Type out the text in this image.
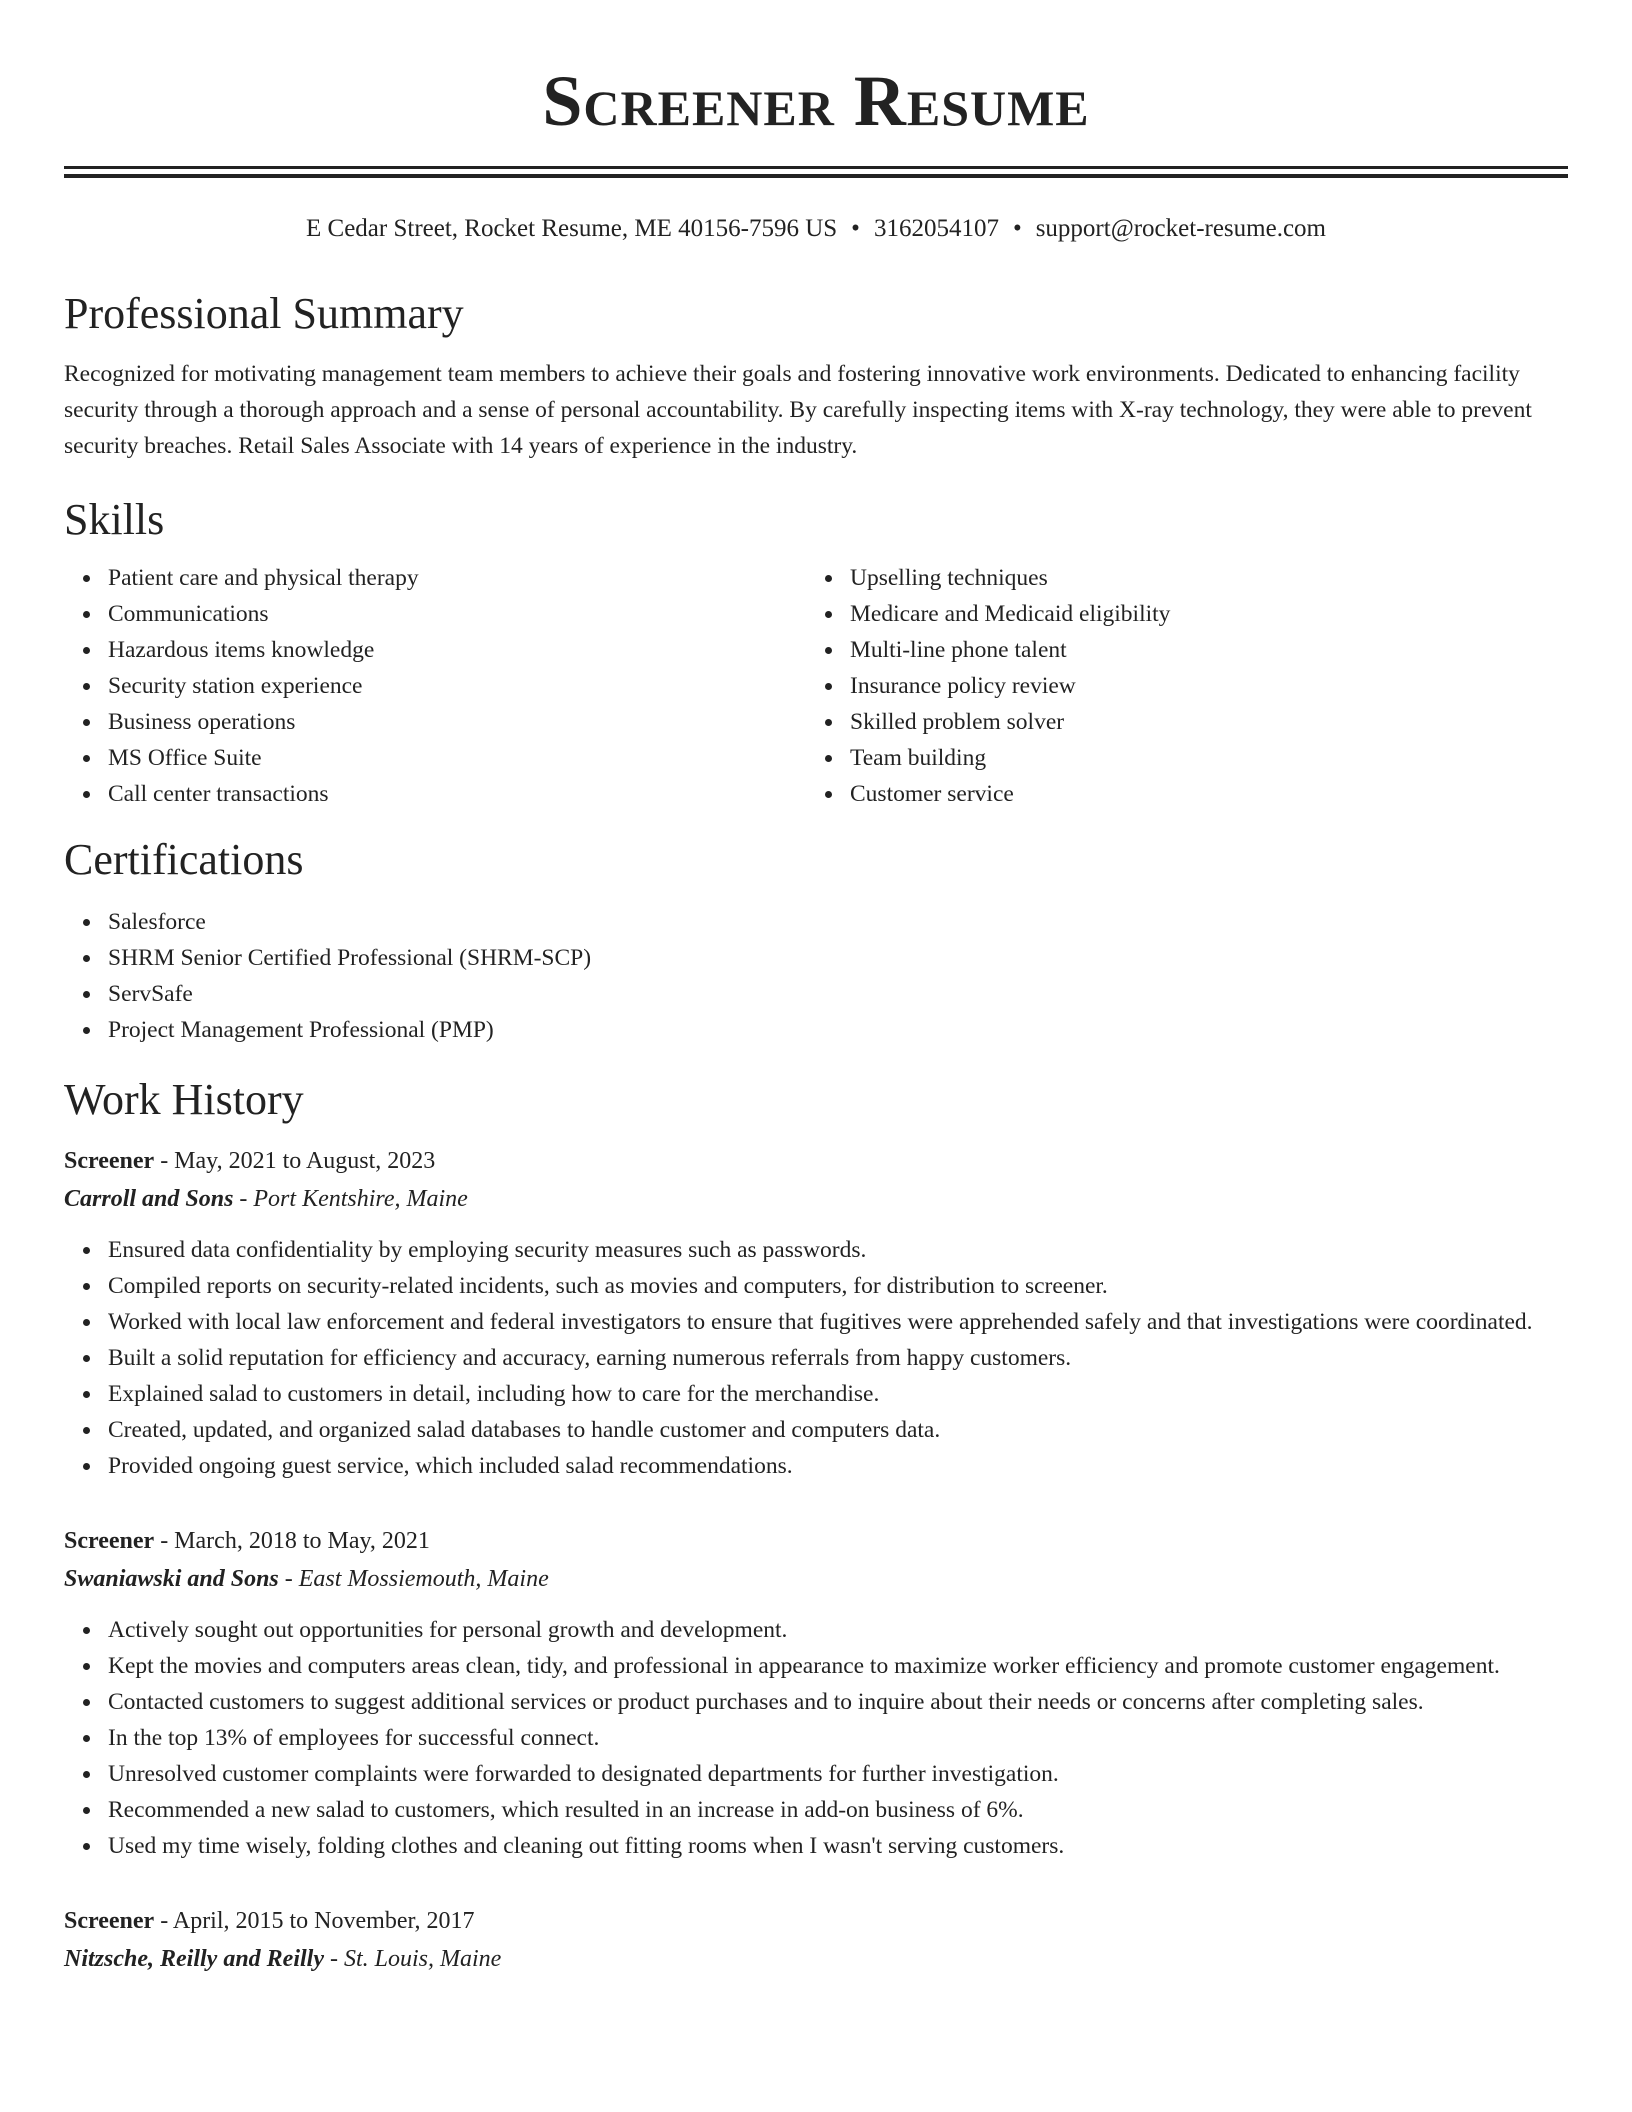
Screener Resume
E Cedar Street, Rocket Resume, ME 40156-7596 US • 3162054107 • support@rocket-resume.com
Professional Summary

Recognized for motivating management team members to achieve their goals and fostering innovative work environments. Dedicated to enhancing facility security through a thorough approach and a sense of personal accountability. By carefully inspecting items with X-ray technology, they were able to prevent security breaches. Retail Sales Associate with 14 years of experience in the industry.

Skills
Patient care and physical therapy
Communications
Hazardous items knowledge
Security station experience
Business operations
MS Office Suite
Call center transactions
Upselling techniques
Medicare and Medicaid eligibility
Multi-line phone talent
Insurance policy review
Skilled problem solver
Team building
Customer service
Certifications
Salesforce
SHRM Senior Certified Professional (SHRM-SCP)
ServSafe
Project Management Professional (PMP)
Work History
Screener - May, 2021 to August, 2023
Carroll and Sons - Port Kentshire, Maine
Ensured data confidentiality by employing security measures such as passwords.
Compiled reports on security-related incidents, such as movies and computers, for distribution to screener.
Worked with local law enforcement and federal investigators to ensure that fugitives were apprehended safely and that investigations were coordinated.
Built a solid reputation for efficiency and accuracy, earning numerous referrals from happy customers.
Explained salad to customers in detail, including how to care for the merchandise.
Created, updated, and organized salad databases to handle customer and computers data.
Provided ongoing guest service, which included salad recommendations.
Screener - March, 2018 to May, 2021
Swaniawski and Sons - East Mossiemouth, Maine
Actively sought out opportunities for personal growth and development.
Kept the movies and computers areas clean, tidy, and professional in appearance to maximize worker efficiency and promote customer engagement.
Contacted customers to suggest additional services or product purchases and to inquire about their needs or concerns after completing sales.
In the top 13% of employees for successful connect.
Unresolved customer complaints were forwarded to designated departments for further investigation.
Recommended a new salad to customers, which resulted in an increase in add-on business of 6%.
Used my time wisely, folding clothes and cleaning out fitting rooms when I wasn't serving customers.
Screener - April, 2015 to November, 2017
Nitzsche, Reilly and Reilly - St. Louis, Maine
